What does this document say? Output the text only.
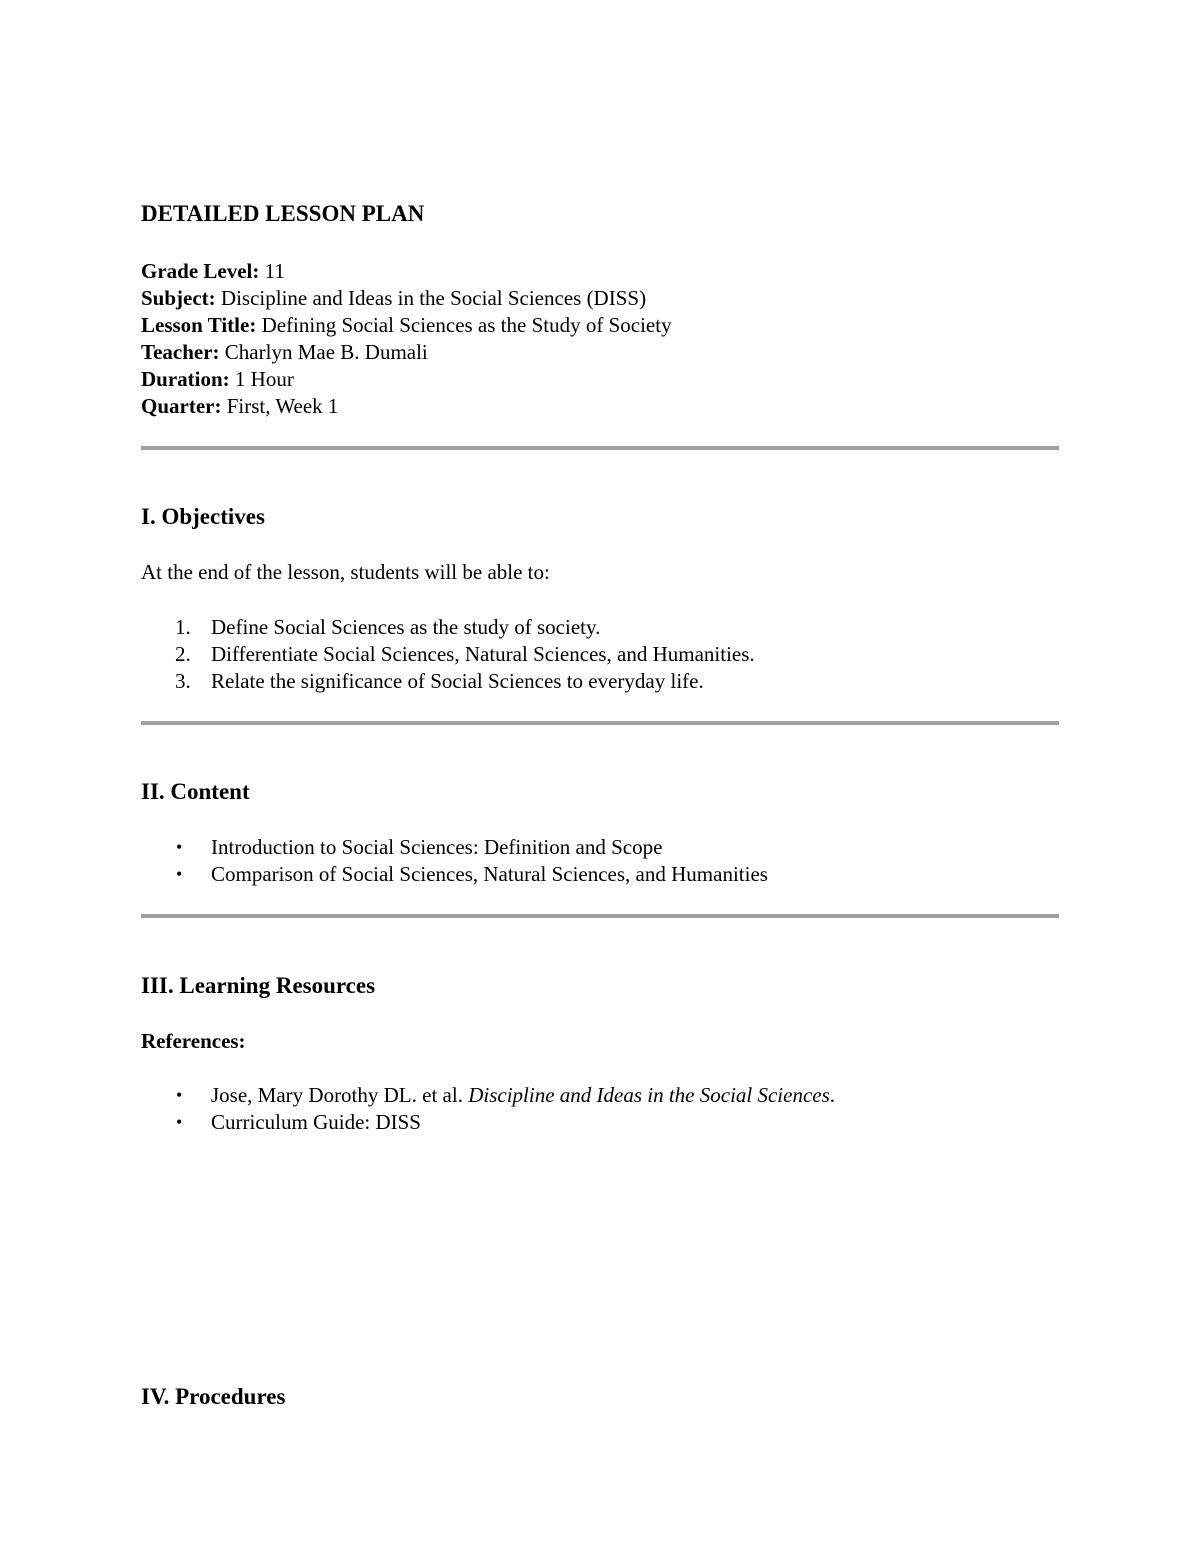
DETAILED LESSON PLAN
Grade Level: 11
Subject: Discipline and Ideas in the Social Sciences (DISS)
Lesson Title: Defining Social Sciences as the Study of Society
Teacher: Charlyn Mae B. Dumali
Duration: 1 Hour
Quarter: First, Week 1
I. Objectives

At the end of the lesson, students will be able to:

1. Define Social Sciences as the study of society.
2. Differentiate Social Sciences, Natural Sciences, and Humanities.
3. Relate the significance of Social Sciences to everyday life.
II. Content
• Introduction to Social Sciences: Definition and Scope
• Comparison of Social Sciences, Natural Sciences, and Humanities
III. Learning Resources

References:

• Jose, Mary Dorothy DL. et al. Discipline and Ideas in the Social Sciences.
• Curriculum Guide: DISS
IV. Procedures
